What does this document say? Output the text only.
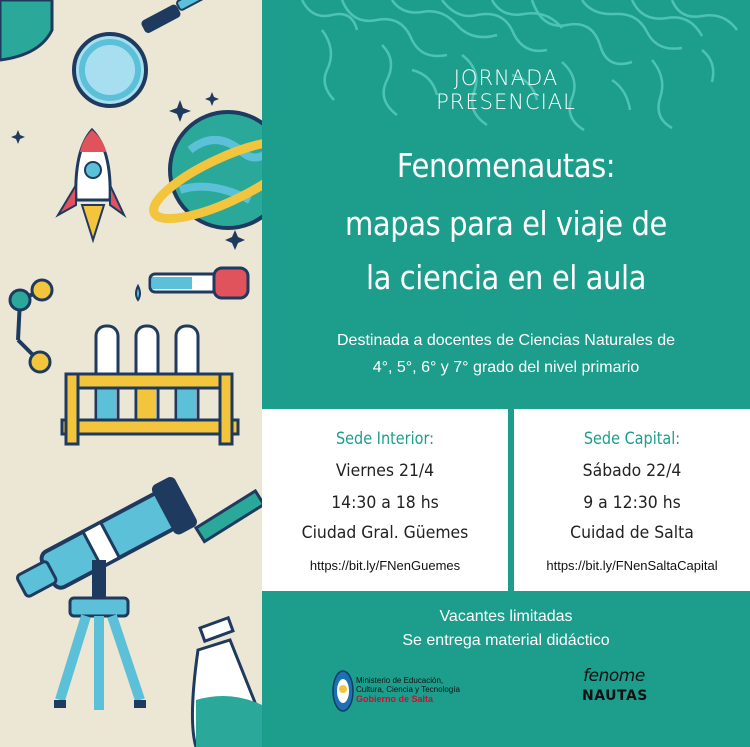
JORNADA
PRESENCIAL
Fenomenautas:
mapas para el viaje de
la ciencia en el aula
Destinada a docentes de Ciencias Naturales de
4°, 5°, 6° y 7° grado del nivel primario
Sede Interior:
Viernes 21/4
14:30 a 18 hs
Ciudad Gral. Güemes
https://bit.ly/FNenGuemes
Sede Capital:
Sábado 22/4
9 a 12:30 hs
Cuidad de Salta
https://bit.ly/FNenSaltaCapital
Vacantes limitadas
Se entrega material didáctico
Ministerio de Educación,
Cultura, Ciencia y Tecnología
Gobierno de Salta
fenome
NAUTAS
